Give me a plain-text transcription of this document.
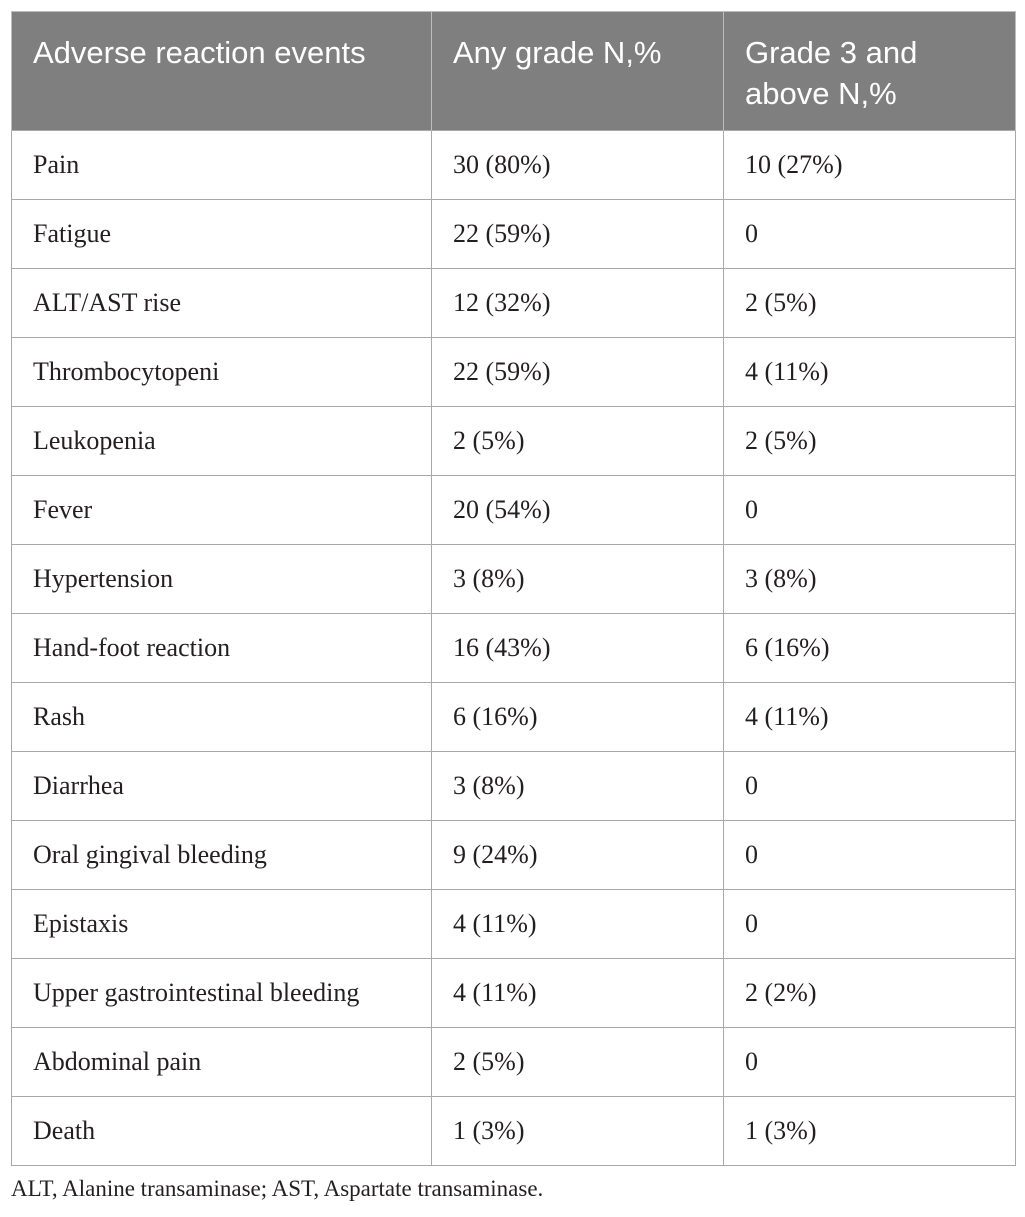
Adverse reaction events	Any grade N,%	Grade 3 and above N,%
Pain	30 (80%)	10 (27%)
Fatigue	22 (59%)	0
ALT/AST rise	12 (32%)	2 (5%)
Thrombocytopeni	22 (59%)	4 (11%)
Leukopenia	2 (5%)	2 (5%)
Fever	20 (54%)	0
Hypertension	3 (8%)	3 (8%)
Hand-foot reaction	16 (43%)	6 (16%)
Rash	6 (16%)	4 (11%)
Diarrhea	3 (8%)	0
Oral gingival bleeding	9 (24%)	0
Epistaxis	4 (11%)	0
Upper gastrointestinal bleeding	4 (11%)	2 (2%)
Abdominal pain	2 (5%)	0
Death	1 (3%)	1 (3%)
ALT, Alanine transaminase; AST, Aspartate transaminase.
